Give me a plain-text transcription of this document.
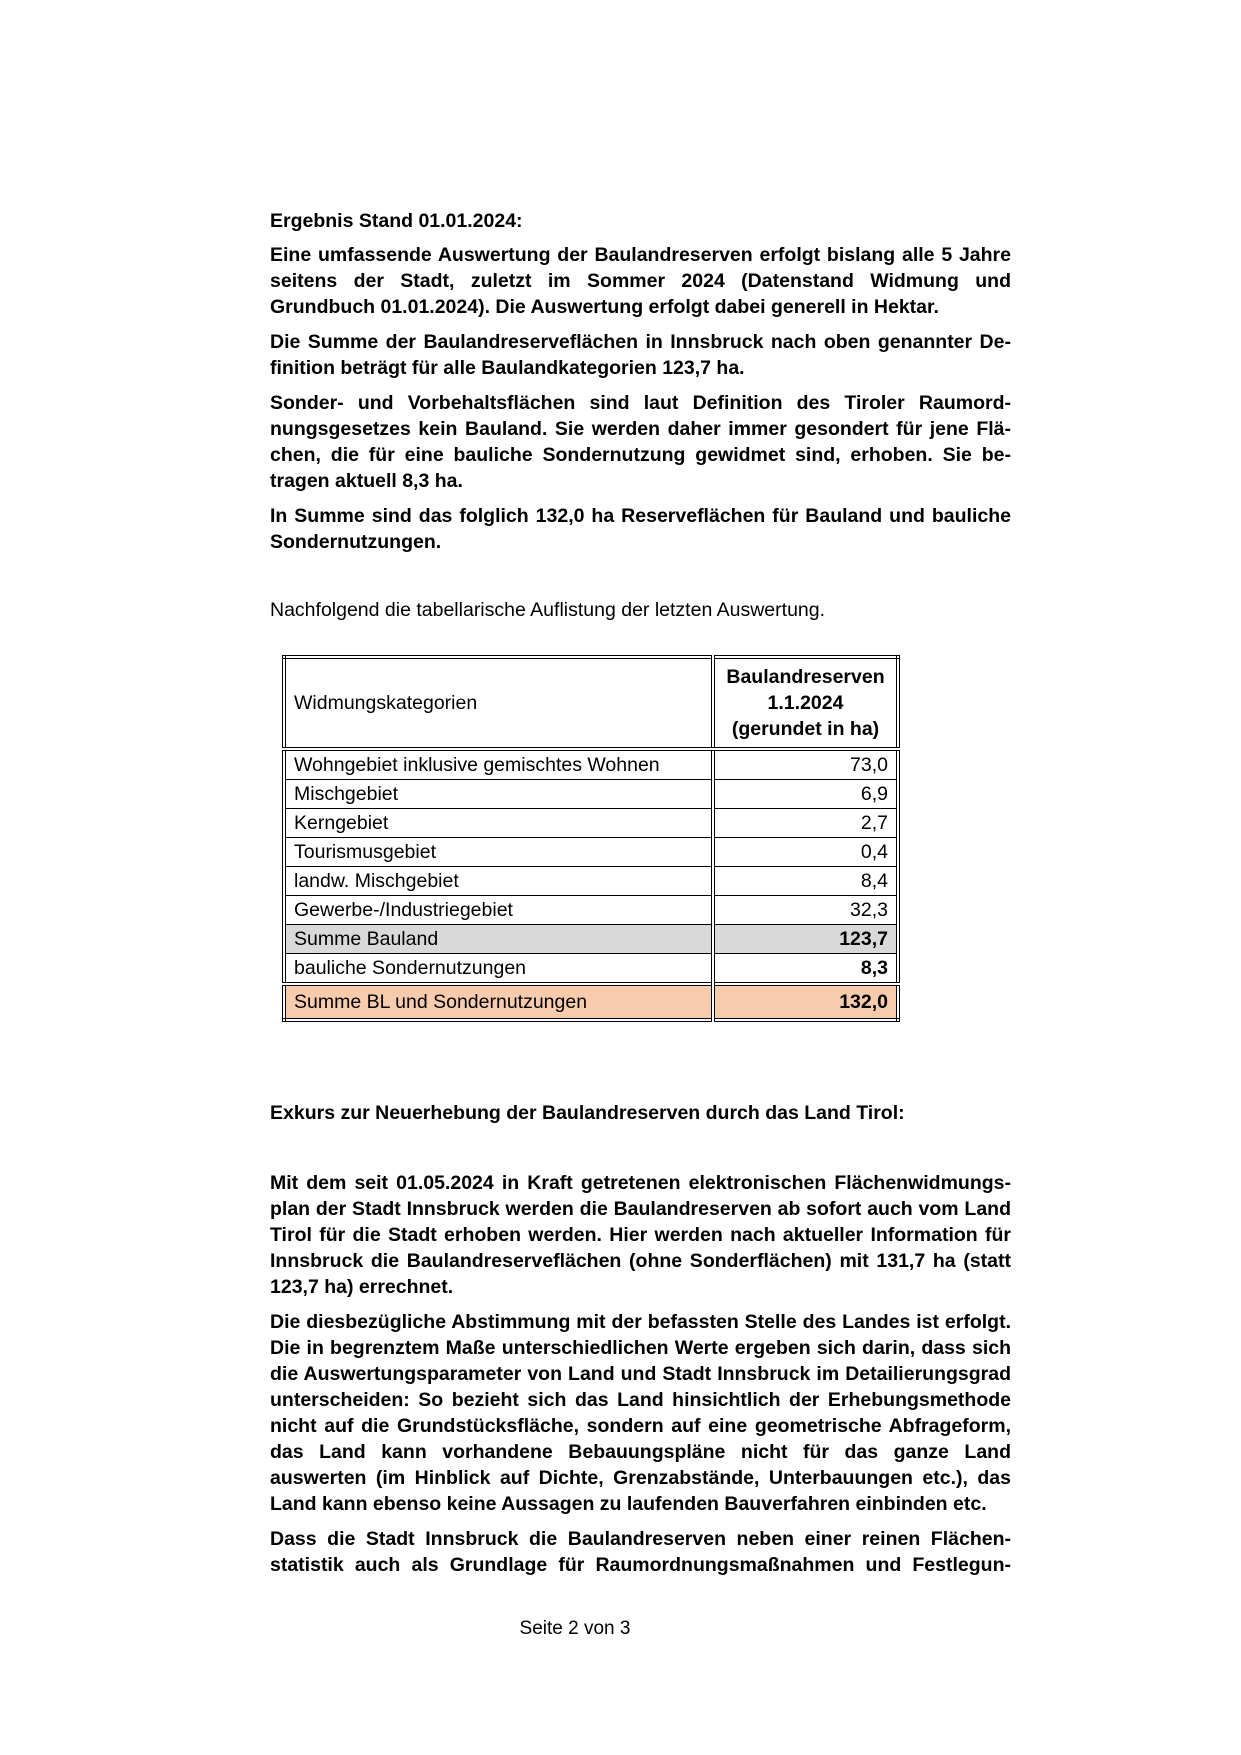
Ergebnis Stand 01.01.2024:

Eine umfassende Auswertung der Baulandreserven erfolgt bislang alle 5 Jahre seitens der Stadt, zuletzt im Sommer 2024 (Datenstand Widmung und Grundbuch 01.01.2024). Die Auswertung erfolgt dabei generell in Hektar.

Die Summe der Baulandreserveflächen in Innsbruck nach oben genannter Definition beträgt für alle Baulandkategorien 123,7 ha.

Sonder- und Vorbehaltsflächen sind laut Definition des Tiroler Raumordnungsgesetzes kein Bauland. Sie werden daher immer gesondert für jene Flächen, die für eine bauliche Sondernutzung gewidmet sind, erhoben. Sie betragen aktuell 8,3 ha.

In Summe sind das folglich 132,0 ha Reserveflächen für Bauland und bauliche Sondernutzungen.

Nachfolgend die tabellarische Auflistung der letzten Auswertung.

Widmungskategorien	Baulandreserven
1.1.2024
(gerundet in ha)
Wohngebiet inklusive gemischtes Wohnen	73,0
Mischgebiet	6,9
Kerngebiet	2,7
Tourismusgebiet	0,4
landw. Mischgebiet	8,4
Gewerbe-/Industriegebiet	32,3
Summe Bauland	123,7
bauliche Sondernutzungen	8,3
Summe BL und Sondernutzungen	132,0

Exkurs zur Neuerhebung der Baulandreserven durch das Land Tirol:

Mit dem seit 01.05.2024 in Kraft getretenen elektronischen Flächenwidmungsplan der Stadt Innsbruck werden die Baulandreserven ab sofort auch vom Land Tirol für die Stadt erhoben werden. Hier werden nach aktueller Information für Innsbruck die Baulandreserveflächen (ohne Sonderflächen) mit 131,7 ha (statt 123,7 ha) errechnet.

Die diesbezügliche Abstimmung mit der befassten Stelle des Landes ist erfolgt. Die in begrenztem Maße unterschiedlichen Werte ergeben sich darin, dass sich die Auswertungsparameter von Land und Stadt Innsbruck im Detailierungsgrad unterscheiden: So bezieht sich das Land hinsichtlich der Erhebungsmethode nicht auf die Grundstücksfläche, sondern auf eine geometrische Abfrageform, das Land kann vorhandene Bebauungspläne nicht für das ganze Land auswerten (im Hinblick auf Dichte, Grenzabstände, Unterbauungen etc.), das Land kann ebenso keine Aussagen zu laufenden Bauverfahren einbinden etc.

Dass die Stadt Innsbruck die Baulandreserven neben einer reinen Flächenstatistik auch als Grundlage für Raumordnungsmaßnahmen und Festlegun-

Seite 2 von 3
